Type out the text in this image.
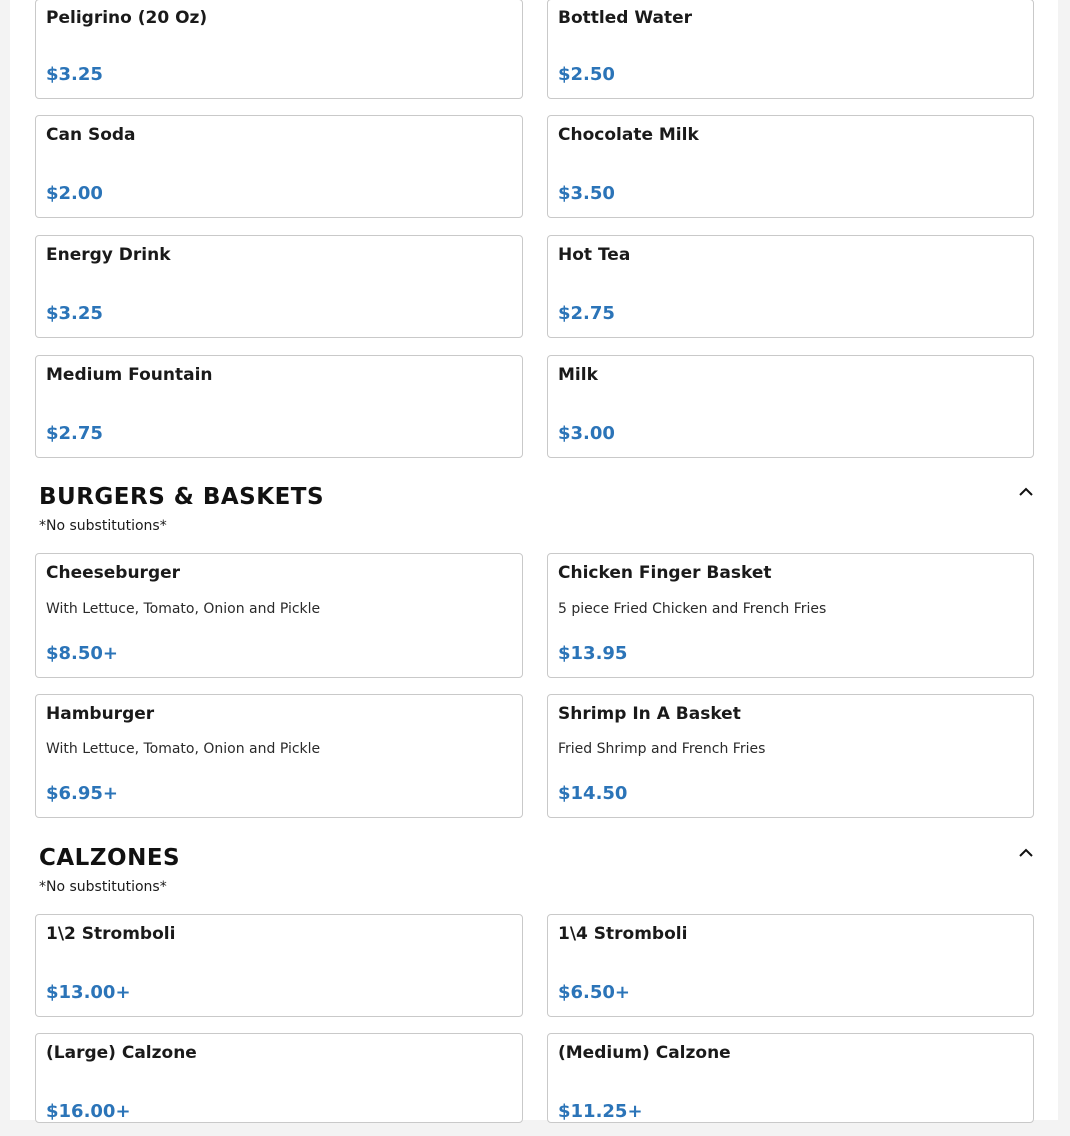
Peligrino (20 Oz)
$3.25
Bottled Water
$2.50
Can Soda
$2.00
Chocolate Milk
$3.50
Energy Drink
$3.25
Hot Tea
$2.75
Medium Fountain
$2.75
Milk
$3.00
BURGERS & BASKETS
*No substitutions*
Cheeseburger
With Lettuce, Tomato, Onion and Pickle
$8.50+
Chicken Finger Basket
5 piece Fried Chicken and French Fries
$13.95
Hamburger
With Lettuce, Tomato, Onion and Pickle
$6.95+
Shrimp In A Basket
Fried Shrimp and French Fries
$14.50
CALZONES
*No substitutions*
1\2 Stromboli
$13.00+
1\4 Stromboli
$6.50+
(Large) Calzone
$16.00+
(Medium) Calzone
$11.25+
